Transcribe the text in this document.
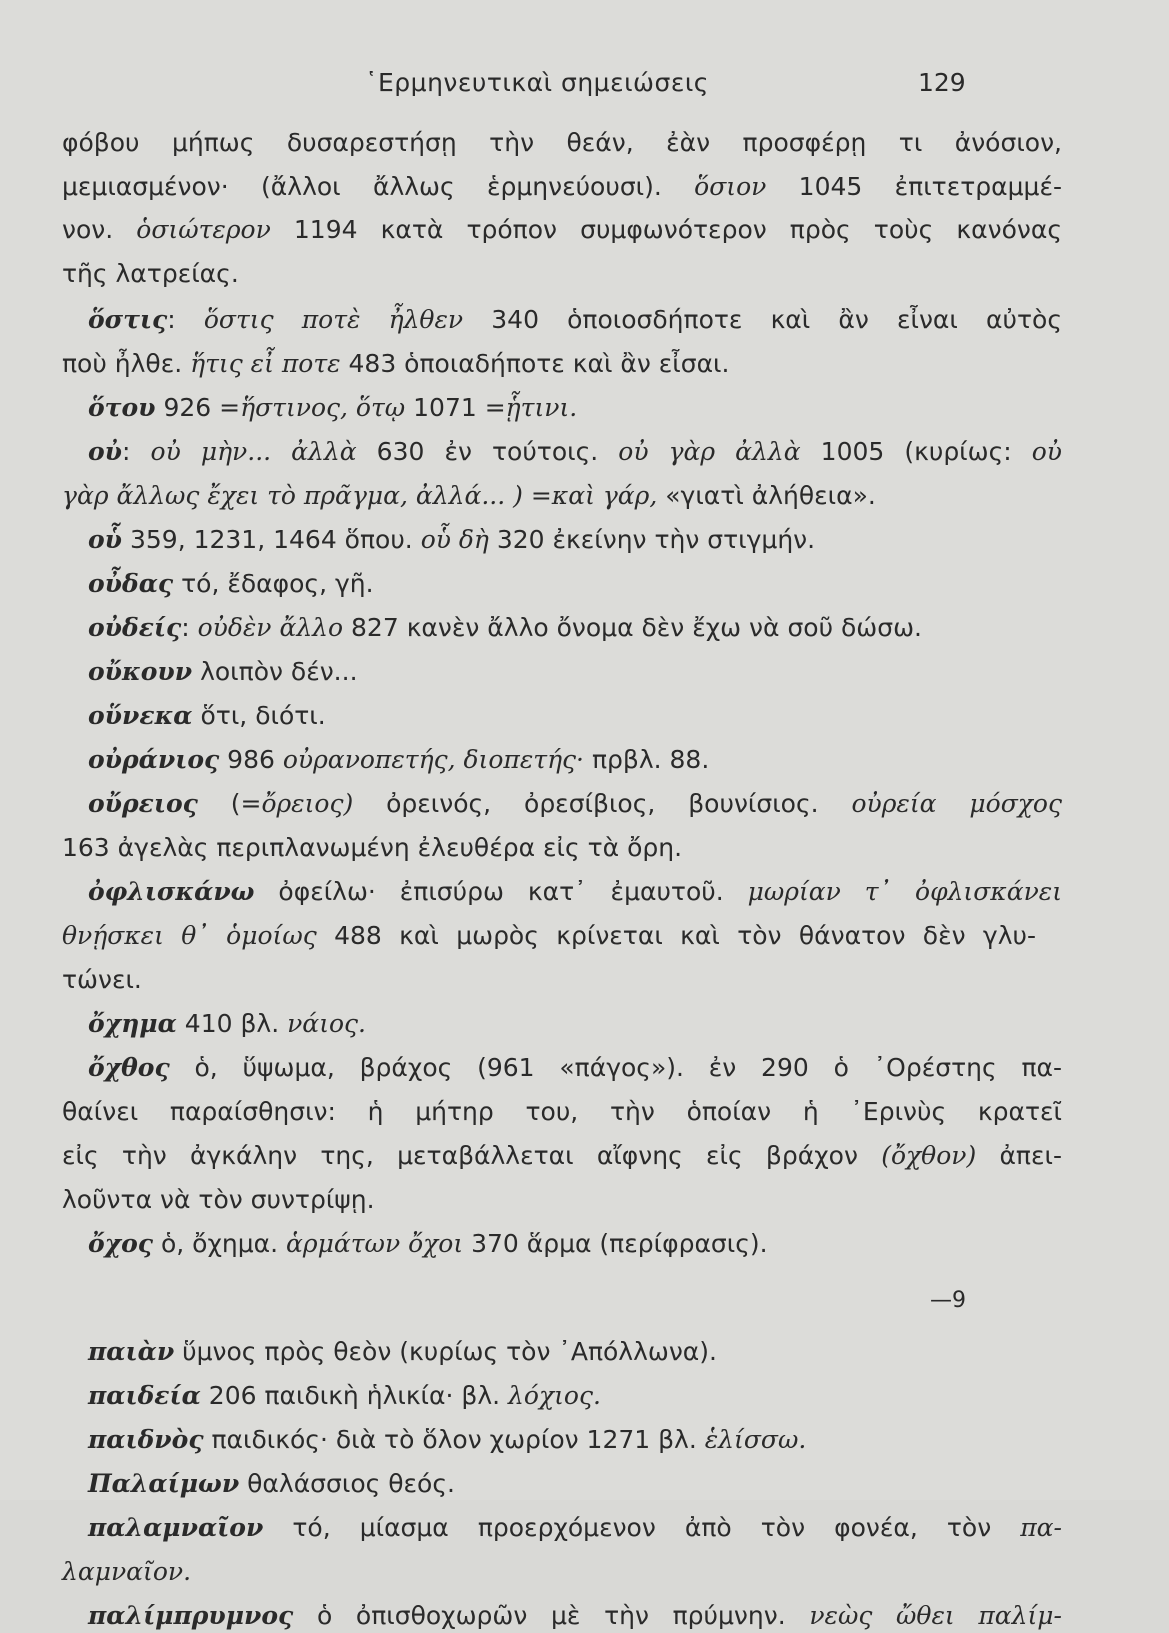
῾Ερμηνευτικαὶ σημειώσεις	129
φόβου μήπως δυσαρεστήσῃ τὴν θεάν, ἐὰν προσφέρῃ τι ἀνόσιον,
μεμιασμένον· (ἄλλοι ἄλλως ἑρμηνεύουσι). ὅσιον 1045 ἐπιτετραμμέ-
νον. ὁσιώτερον 1194 κατὰ τρόπον συμφωνότερον πρὸς τοὺς κανόνας
τῆς λατρείας.
ὅστις: ὅστις ποτὲ ἦλθεν 340 ὁποιοσδήποτε καὶ ἂν εἶναι αὐτὸς
ποὺ ἦλθε. ἥτις εἶ ποτε 483 ὁποιαδήποτε καὶ ἂν εἶσαι.
ὅτου 926 =ἥστινος, ὅτῳ 1071 =ᾗτινι.
οὐ: οὐ μὴν... ἀλλὰ 630 ἐν τούτοις. οὐ γὰρ ἀλλὰ 1005 (κυρίως: οὐ
γὰρ ἄλλως ἔχει τὸ πρᾶγμα, ἀλλά... ) =καὶ γάρ, «γιατὶ ἀλήθεια».
οὗ 359, 1231, 1464 ὅπου. οὗ δὴ 320 ἐκείνην τὴν στιγμήν.
οὖδας τό, ἔδαφος, γῆ.
οὐδείς: οὐδὲν ἄλλο 827 κανὲν ἄλλο ὄνομα δὲν ἔχω νὰ σοῦ δώσω.
οὔκουν λοιπὸν δέν...
οὕνεκα ὅτι, διότι.
οὐράνιος 986 οὐρανοπετής, διοπετής· πρβλ. 88.
οὔρειος (=ὄρειος) ὀρεινός, ὀρεσίβιος, βουνίσιος. οὐρεία μόσχος
163 ἀγελὰς περιπλανωμένη ἐλευθέρα εἰς τὰ ὄρη.
ὀφλισκάνω ὀφείλω· ἐπισύρω κατ᾽ ἐμαυτοῦ. μωρίαν τ᾽ ὀφλισκάνει
θνῄσκει θ᾽ ὁμοίως 488 καὶ μωρὸς κρίνεται καὶ τὸν θάνατον δὲν γλυ-
τώνει.
ὄχημα 410 βλ. νάιος.
ὄχθος ὁ, ὕψωμα, βράχος (961 «πάγος»). ἐν 290 ὁ ᾽Ορέστης πα-
θαίνει παραίσθησιν: ἡ μήτηρ του, τὴν ὁποίαν ἡ ᾽Ερινὺς κρατεῖ
εἰς τὴν ἀγκάλην της, μεταβάλλεται αἴφνης εἰς βράχον (ὄχθον) ἀπει-
λοῦντα νὰ τὸν συντρίψῃ.
ὄχος ὁ, ὄχημα. ἁρμάτων ὄχοι 370 ἅρμα (περίφρασις).
παιὰν ὕμνος πρὸς θεὸν (κυρίως τὸν ᾽Απόλλωνα).
παιδεία 206 παιδικὴ ἡλικία· βλ. λόχιος.
παιδνὸς παιδικός· διὰ τὸ ὅλον χωρίον 1271 βλ. ἑλίσσω.
Παλαίμων θαλάσσιος θεός.
παλαμναῖον τό, μίασμα προερχόμενον ἀπὸ τὸν φονέα, τὸν πα-
λαμναῖον.
παλίμπρυμνος ὁ ὀπισθοχωρῶν μὲ τὴν πρύμνην. νεὼς ὤθει παλίμ-
—9
